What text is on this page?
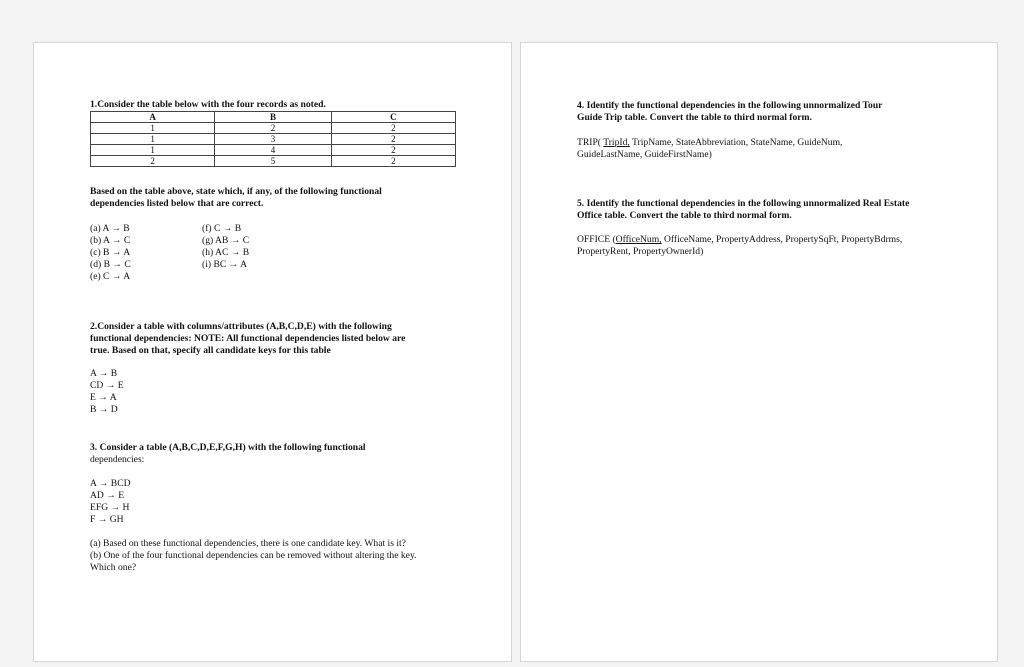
1.Consider the table below with the four records as noted.
A	B	C
1	2	2
1	3	2
1	4	2
2	5	2
Based on the table above, state which, if any, of the following functional
dependencies listed below that are correct.
(a) A → B
(b) A → C
(c) B → A
(d) B → C
(e) C → A
(f) C → B
(g) AB → C
(h) AC → B
(i) BC → A
2.Consider a table with columns/attributes (A,B,C,D,E) with the following
functional dependencies: NOTE: All functional dependencies listed below are
true. Based on that, specify all candidate keys for this table
A → B
CD → E
E → A
B → D
3. Consider a table (A,B,C,D,E,F,G,H) with the following functional
dependencies:
A → BCD
AD → E
EFG → H
F → GH
(a) Based on these functional dependencies, there is one candidate key. What is it?
(b) One of the four functional dependencies can be removed without altering the key.
Which one?
4. Identify the functional dependencies in the following unnormalized Tour
Guide Trip table. Convert the table to third normal form.
TRIP( TripId, TripName, StateAbbreviation, StateName, GuideNum,
GuideLastName, GuideFirstName)
5. Identify the functional dependencies in the following unnormalized Real Estate
Office table. Convert the table to third normal form.
OFFICE (OfficeNum, OfficeName, PropertyAddress, PropertySqFt, PropertyBdrms,
PropertyRent, PropertyOwnerId)
